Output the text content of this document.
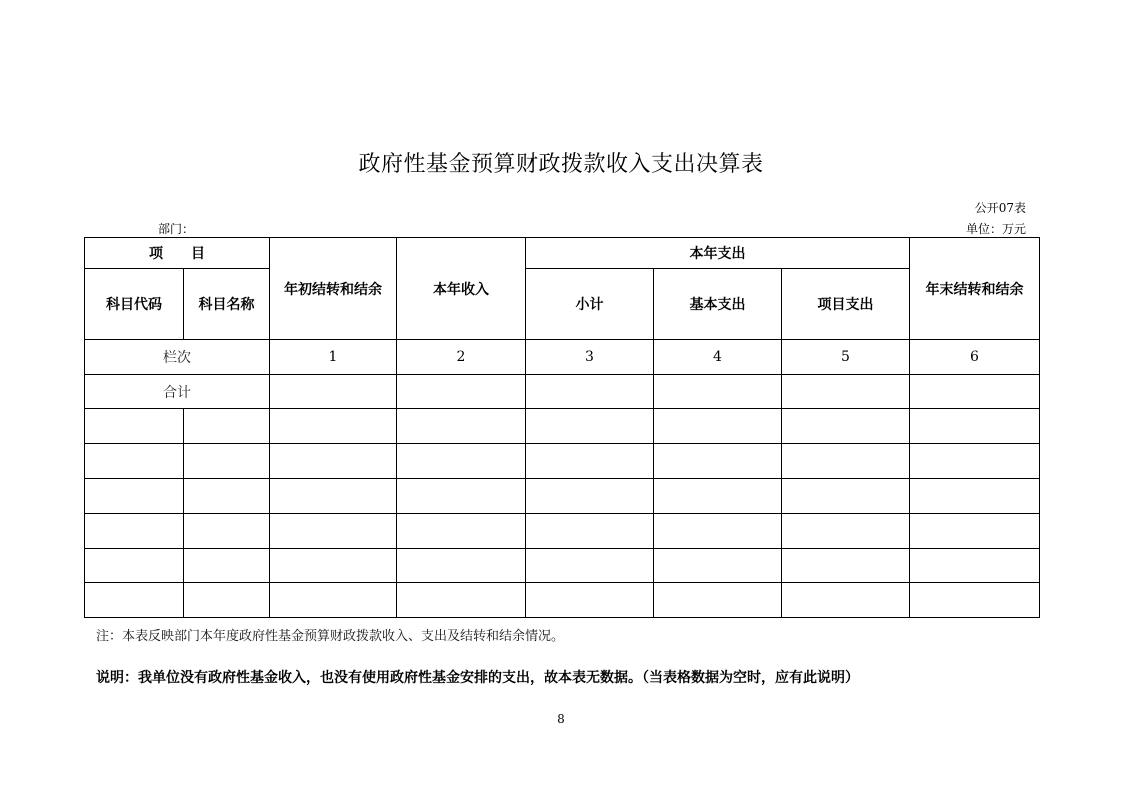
政府性基金预算财政拨款收入支出决算表
公开07表
部门：	单位：万元
项　　目		年初结转和结余	本年收入	本年支出			年末结转和结余
科目代码	科目名称			小计	基本支出	项目支出	
栏次		1	2	3	4	5	6
合计							

注：本表反映部门本年度政府性基金预算财政拨款收入、支出及结转和结余情况。
说明：我单位没有政府性基金收入，也没有使用政府性基金安排的支出，故本表无数据。（当表格数据为空时，应有此说明）
8
